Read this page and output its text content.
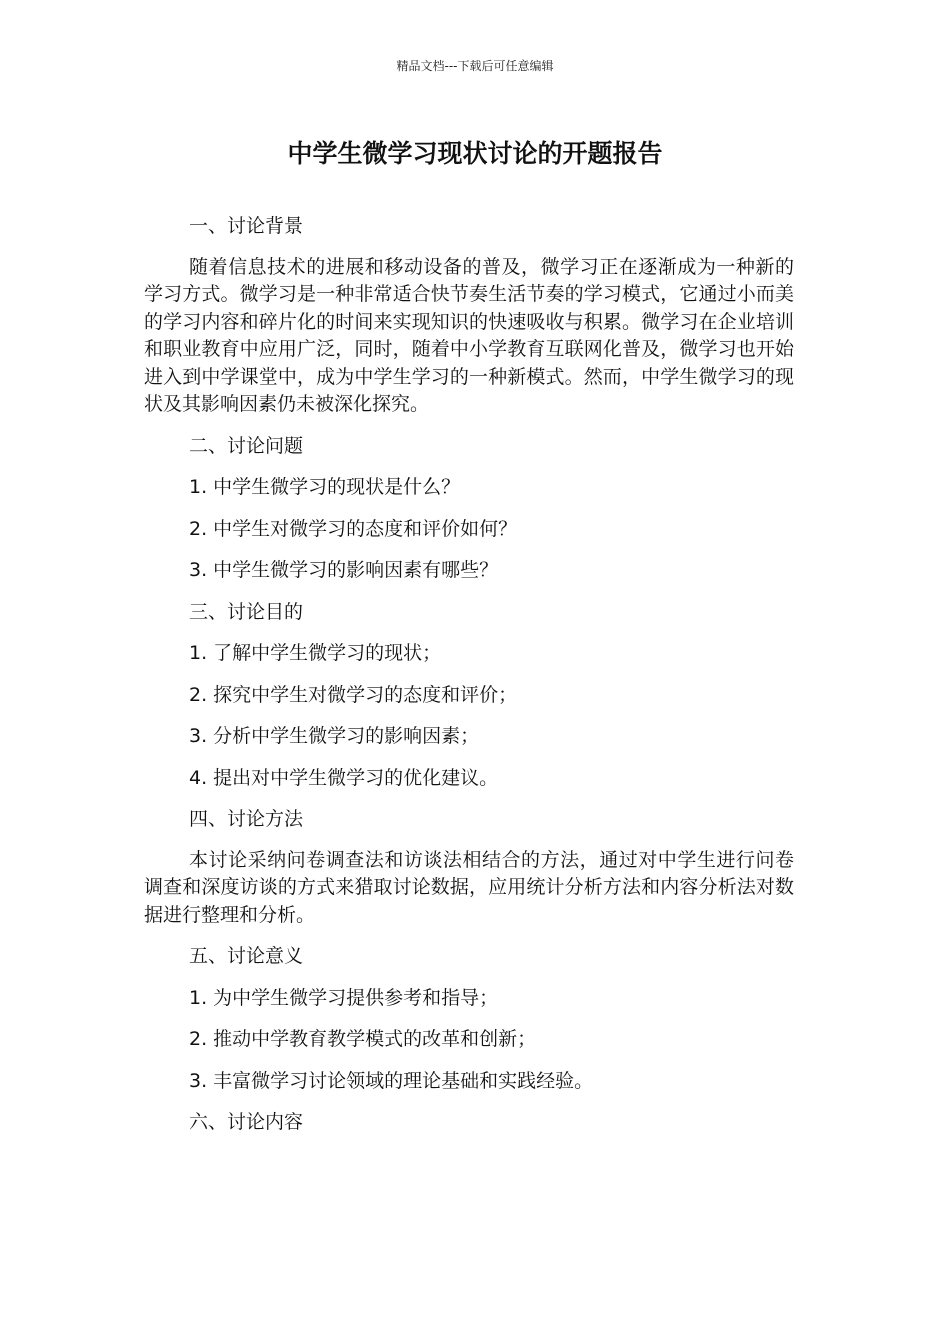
精品文档---下载后可任意编辑
中学生微学习现状讨论的开题报告

一、讨论背景

随着信息技术的进展和移动设备的普及，微学习正在逐渐成为一种新的学习方式。微学习是一种非常适合快节奏生活节奏的学习模式，它通过小而美的学习内容和碎片化的时间来实现知识的快速吸收与积累。微学习在企业培训和职业教育中应用广泛，同时，随着中小学教育互联网化普及，微学习也开始进入到中学课堂中，成为中学生学习的一种新模式。然而，中学生微学习的现状及其影响因素仍未被深化探究。

二、讨论问题

1. 中学生微学习的现状是什么？

2. 中学生对微学习的态度和评价如何？

3. 中学生微学习的影响因素有哪些？

三、讨论目的

1. 了解中学生微学习的现状；

2. 探究中学生对微学习的态度和评价；

3. 分析中学生微学习的影响因素；

4. 提出对中学生微学习的优化建议。

四、讨论方法

本讨论采纳问卷调查法和访谈法相结合的方法，通过对中学生进行问卷调查和深度访谈的方式来猎取讨论数据，应用统计分析方法和内容分析法对数据进行整理和分析。

五、讨论意义

1. 为中学生微学习提供参考和指导；

2. 推动中学教育教学模式的改革和创新；

3. 丰富微学习讨论领域的理论基础和实践经验。

六、讨论内容
